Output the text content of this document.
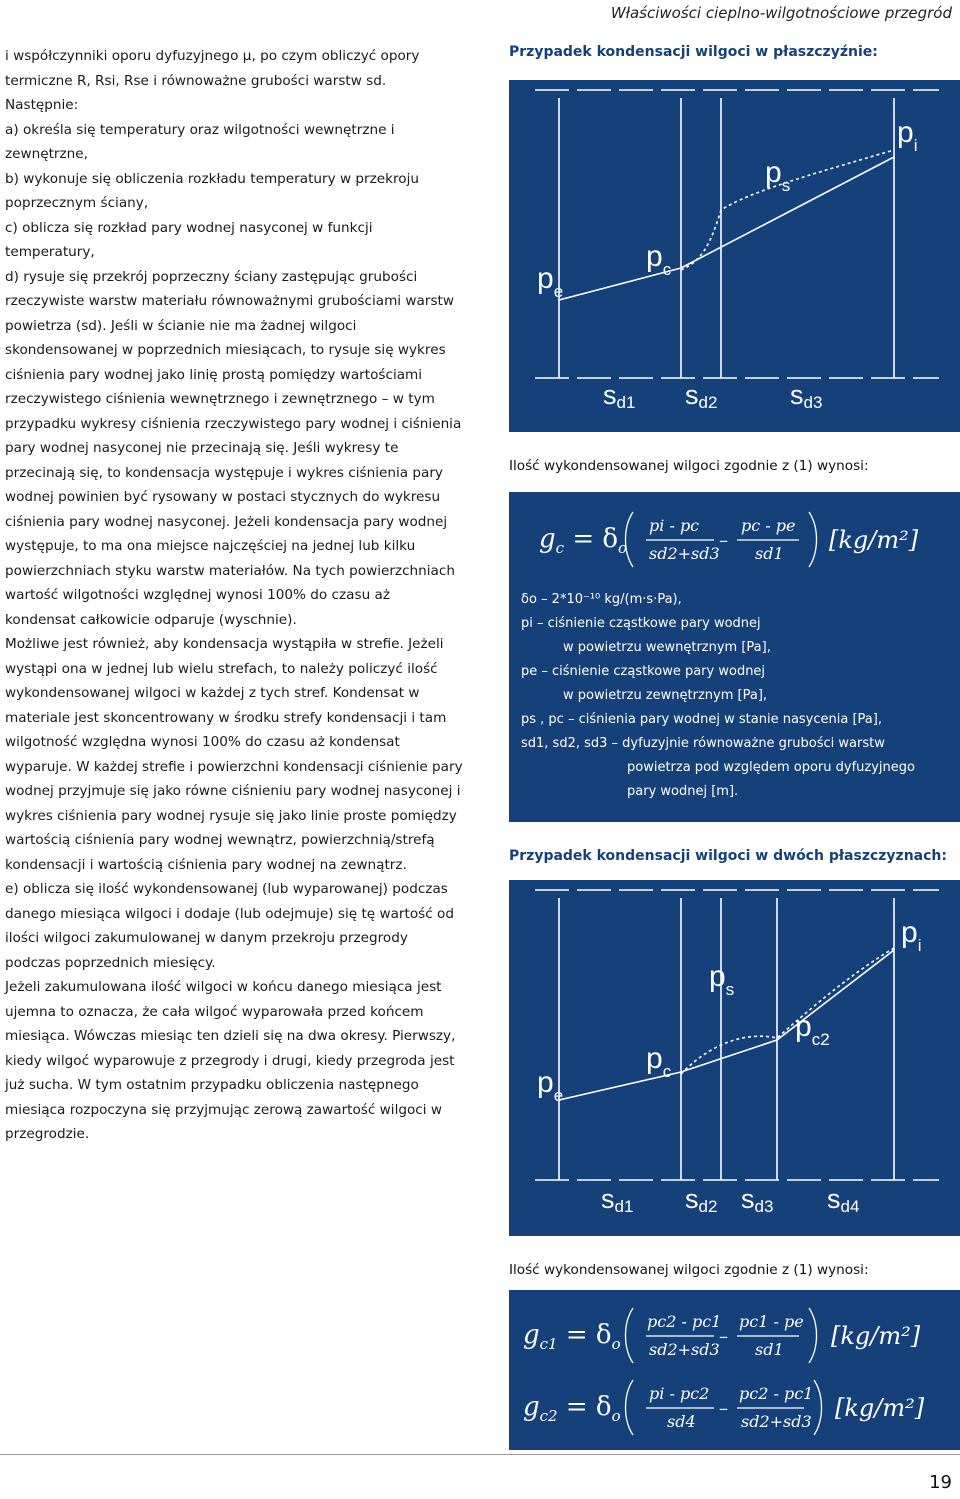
Właściwości cieplno-wilgotnościowe przegród

i współczynniki oporu dyfuzyjnego μ, po czym obliczyć opory termiczne R, Rsi, Rse i równoważne grubości warstw sd. Następnie:

a) określa się temperatury oraz wilgotności wewnętrzne i zewnętrzne,

b) wykonuje się obliczenia rozkładu temperatury w przekroju poprzecznym ściany,

c) oblicza się rozkład pary wodnej nasyconej w funkcji temperatury,

d) rysuje się przekrój poprzeczny ściany zastępując grubości rzeczywiste warstw materiału równoważnymi grubościami warstw powietrza (sd). Jeśli w ścianie nie ma żadnej wilgoci skondensowanej w poprzednich miesiącach, to rysuje się wykres ciśnienia pary wodnej jako linię prostą pomiędzy wartościami rzeczywistego ciśnienia wewnętrznego i zewnętrznego – w tym przypadku wykresy ciśnienia rzeczywistego pary wodnej i ciśnienia pary wodnej nasyconej nie przecinają się. Jeśli wykresy te przecinają się, to kondensacja występuje i wykres ciśnienia pary wodnej powinien być rysowany w postaci stycznych do wykresu ciśnienia pary wodnej nasyconej. Jeżeli kondensacja pary wodnej występuje, to ma ona miejsce najczęściej na jednej lub kilku powierzchniach styku warstw materiałów. Na tych powierzchniach wartość wilgotności względnej wynosi 100% do czasu aż kondensat całkowicie odparuje (wyschnie).

Możliwe jest również, aby kondensacja wystąpiła w strefie. Jeżeli wystąpi ona w jednej lub wielu strefach, to należy policzyć ilość wykondensowanej wilgoci w każdej z tych stref. Kondensat w materiale jest skoncentrowany w środku strefy kondensacji i tam wilgotność względna wynosi 100% do czasu aż kondensat wyparuje. W każdej strefie i powierzchni kondensacji ciśnienie pary wodnej przyjmuje się jako równe ciśnieniu pary wodnej nasyconej i wykres ciśnienia pary wodnej rysuje się jako linie proste pomiędzy wartością ciśnienia pary wodnej wewnątrz, powierzchnią/strefą kondensacji i wartością ciśnienia pary wodnej na zewnątrz.

e) oblicza się ilość wykondensowanej (lub wyparowanej) podczas danego miesiąca wilgoci i dodaje (lub odejmuje) się tę wartość od ilości wilgoci zakumulowanej w danym przekroju przegrody podczas poprzednich miesięcy.

Jeżeli zakumulowana ilość wilgoci w końcu danego miesiąca jest ujemna to oznacza, że cała wilgoć wyparowała przed końcem miesiąca. Wówczas miesiąc ten dzieli się na dwa okresy. Pierwszy, kiedy wilgoć wyparowuje z przegrody i drugi, kiedy przegroda jest już sucha. W tym ostatnim przypadku obliczenia następnego miesiąca rozpoczyna się przyjmując zerową zawartość wilgoci w przegrodzie.

Przypadek kondensacji wilgoci w płaszczyźnie:
$p_i$
$p_s$
$p_c$
$p_e$
$s_{d1}$ $s_{d2}$	$s_{d3}$
Ilość wykondensowanej wilgoci zgodnie z (1) wynosi:
$g_c = \delta_o$
pi - pc
sd2+sd3
–
pc - pe
sd1 [kg/m²]
δo – 2*10⁻¹⁰ kg/(m·s·Pa),
pi – ciśnienie cząstkowe pary wodnej
w powietrzu wewnętrznym [Pa],
pe – ciśnienie cząstkowe pary wodnej
w powietrzu zewnętrznym [Pa],
ps , pc – ciśnienia pary wodnej w stanie nasycenia [Pa],
sd1, sd2, sd3 – dyfuzyjnie równoważne grubości warstw
powietrza pod względem oporu dyfuzyjnego
pary wodnej [m].
Przypadek kondensacji wilgoci w dwóch płaszczyznach:
$p_i$
$p_s$
$p_{c2}$
$p_c$
$p_e$
$s_{d1}$ $s_{d2}$ $s_{d3}$ $s_{d4}$
Ilość wykondensowanej wilgoci zgodnie z (1) wynosi:
$g_{c1} = \delta_o$
pc2 - pc1
sd2+sd3
–
pc1 - pe
sd1 [kg/m²]
$g_{c2} = \delta_o$
pi - pc2
sd4
–
pc2 - pc1
sd2+sd3 [kg/m²]
19
